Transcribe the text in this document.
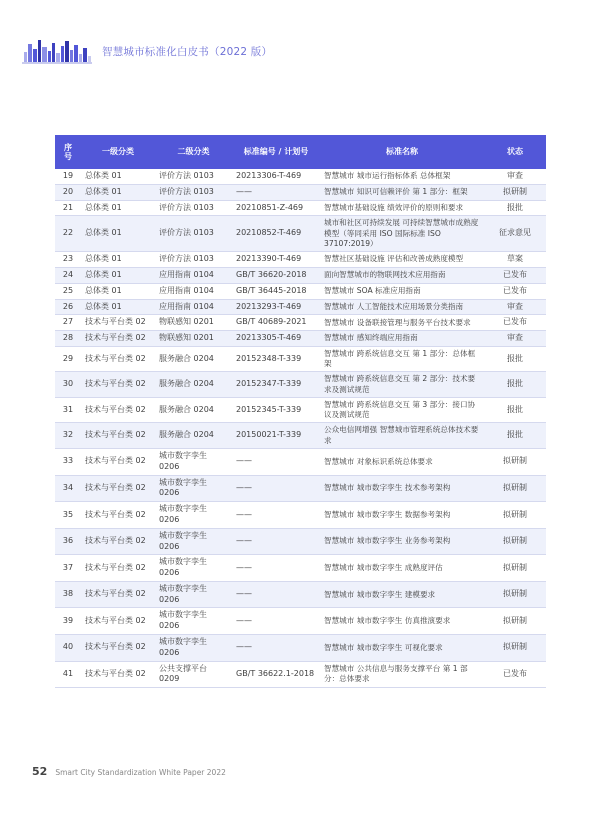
智慧城市标准化白皮书（2022 版）
序号	一级分类	二级分类	标准编号 / 计划号	标准名称	状态
19	总体类 01	评价方法 0103	20213306-T-469	智慧城市 城市运行指标体系 总体框架	审查
20	总体类 01	评价方法 0103	——	智慧城市 知识可信赖评价 第 1 部分：框架	拟研制
21	总体类 01	评价方法 0103	20210851-Z-469	智慧城市基础设施 绩效评价的原则和要求	报批
22	总体类 01	评价方法 0103	20210852-T-469	城市和社区可持续发展 可持续智慧城市成熟度模型（等同采用 ISO 国际标准 ISO 37107:2019）	征求意见
23	总体类 01	评价方法 0103	20213390-T-469	智慧社区基础设施 评估和改善成熟度模型	草案
24	总体类 01	应用指南 0104	GB/T 36620-2018	面向智慧城市的物联网技术应用指南	已发布
25	总体类 01	应用指南 0104	GB/T 36445-2018	智慧城市 SOA 标准应用指南	已发布
26	总体类 01	应用指南 0104	20213293-T-469	智慧城市 人工智能技术应用场景分类指南	审查
27	技术与平台类 02	物联感知 0201	GB/T 40689-2021	智慧城市 设备联接管理与服务平台技术要求	已发布
28	技术与平台类 02	物联感知 0201	20213305-T-469	智慧城市 感知终端应用指南	审查
29	技术与平台类 02	服务融合 0204	20152348-T-339	智慧城市 跨系统信息交互 第 1 部分：总体框架	报批
30	技术与平台类 02	服务融合 0204	20152347-T-339	智慧城市 跨系统信息交互 第 2 部分：技术要求及测试规范	报批
31	技术与平台类 02	服务融合 0204	20152345-T-339	智慧城市 跨系统信息交互 第 3 部分：接口协议及测试规范	报批
32	技术与平台类 02	服务融合 0204	20150021-T-339	公众电信网增强 智慧城市管理系统总体技术要求	报批
33	技术与平台类 02	城市数字孪生 0206	——	智慧城市 对象标识系统总体要求	拟研制
34	技术与平台类 02	城市数字孪生 0206	——	智慧城市 城市数字孪生 技术参考架构	拟研制
35	技术与平台类 02	城市数字孪生 0206	——	智慧城市 城市数字孪生 数据参考架构	拟研制
36	技术与平台类 02	城市数字孪生 0206	——	智慧城市 城市数字孪生 业务参考架构	拟研制
37	技术与平台类 02	城市数字孪生 0206	——	智慧城市 城市数字孪生 成熟度评估	拟研制
38	技术与平台类 02	城市数字孪生 0206	——	智慧城市 城市数字孪生 建模要求	拟研制
39	技术与平台类 02	城市数字孪生 0206	——	智慧城市 城市数字孪生 仿真推演要求	拟研制
40	技术与平台类 02	城市数字孪生 0206	——	智慧城市 城市数字孪生 可视化要求	拟研制
41	技术与平台类 02	公共支撑平台 0209	GB/T 36622.1-2018	智慧城市 公共信息与服务支撑平台 第 1 部分：总体要求	已发布
52 Smart City Standardization White Paper 2022
